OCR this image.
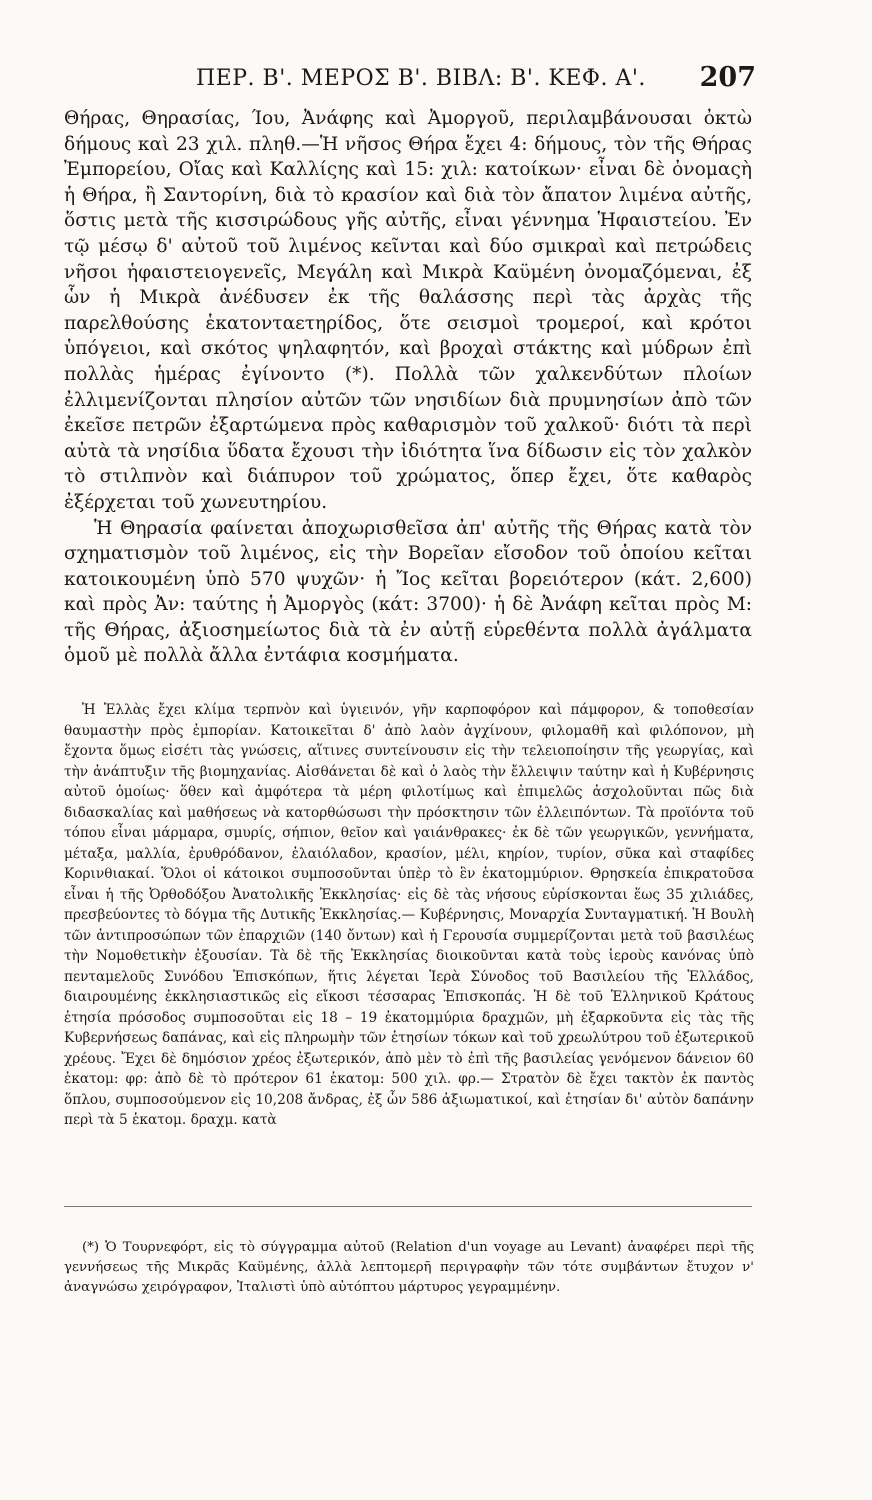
ΠΕΡ. Β'. ΜΕΡΟΣ Β'. ΒΙΒΛ: Β'. ΚΕΦ. Α'. 207

Θήρας, Θηρασίας, Ίου, Ἀνάφης καὶ Ἀμοργοῦ, περιλαμβάνουσαι ὀκτὼ δήμους καὶ 23 χιλ. πληθ.—Ἡ νῆσος Θήρα ἔχει 4: δήμους, τὸν τῆς Θήρας Ἐμπορείου, Οἴας καὶ Καλλίςης καὶ 15: χιλ: κατοίκων· εἶναι δὲ ὀνομαςὴ ἡ Θήρα, ἢ Σαντορίνη, διὰ τὸ κρασίον καὶ διὰ τὸν ἄπατον λιμένα αὐτῆς, ὅστις μετὰ τῆς κισσιρώδους γῆς αὐτῆς, εἶναι γέννημα Ἡφαιστείου. Ἐν τῷ μέσῳ δ' αὐτοῦ τοῦ λιμένος κεῖνται καὶ δύο σμικραὶ καὶ πετρώδεις νῆσοι ἡφαιστειογενεῖς, Μεγάλη καὶ Μικρὰ Καϋμένη ὀνομαζόμεναι, ἐξ ὧν ἡ Μικρὰ ἀνέδυσεν ἐκ τῆς θαλάσσης περὶ τὰς ἀρχὰς τῆς παρελθούσης ἑκατονταετηρίδος, ὅτε σεισμοὶ τρομεροί, καὶ κρότοι ὑπόγειοι, καὶ σκότος ψηλαφητόν, καὶ βροχαὶ στάκτης καὶ μύδρων ἐπὶ πολλὰς ἡμέρας ἐγίνοντο (*). Πολλὰ τῶν χαλκενδύτων πλοίων ἐλλιμενίζονται πλησίον αὐτῶν τῶν νησιδίων διὰ πρυμνησίων ἀπὸ τῶν ἐκεῖσε πετρῶν ἐξαρτώμενα πρὸς καθαρισμὸν τοῦ χαλκοῦ· διότι τὰ περὶ αὐτὰ τὰ νησίδια ὕδατα ἔχουσι τὴν ἰδιότητα ἵνα δίδωσιν εἰς τὸν χαλκὸν τὸ στιλπνὸν καὶ διάπυρον τοῦ χρώματος, ὅπερ ἔχει, ὅτε καθαρὸς ἐξέρχεται τοῦ χωνευτηρίου.

Ἡ Θηρασία φαίνεται ἀποχωρισθεῖσα ἀπ' αὐτῆς τῆς Θήρας κατὰ τὸν σχηματισμὸν τοῦ λιμένος, εἰς τὴν Βορεῖαν εἴσοδον τοῦ ὁποίου κεῖται κατοικουμένη ὑπὸ 570 ψυχῶν· ἡ Ἴος κεῖται βορειότερον (κάτ. 2,600) καὶ πρὸς Ἀν: ταύτης ἡ Ἀμοργὸς (κάτ: 3700)· ἡ δὲ Ἀνάφη κεῖται πρὸς Μ: τῆς Θήρας, ἀξιοσημείωτος διὰ τὰ ἐν αὐτῇ εὑρεθέντα πολλὰ ἀγάλματα ὁμοῦ μὲ πολλὰ ἄλλα ἐντάφια κοσμήματα.

Ἡ Ἑλλὰς ἔχει κλίμα τερπνὸν καὶ ὑγιεινόν, γῆν καρποφόρον καὶ πάμφορον, & τοποθεσίαν θαυμαστὴν πρὸς ἐμπορίαν. Κατοικεῖται δ' ἀπὸ λαὸν ἀγχίνουν, φιλομαθῆ καὶ φιλόπονον, μὴ ἔχοντα ὅμως εἰσέτι τὰς γνώσεις, αἵτινες συντείνουσιν εἰς τὴν τελειοποίησιν τῆς γεωργίας, καὶ τὴν ἀνάπτυξιν τῆς βιομηχανίας. Αἰσθάνεται δὲ καὶ ὁ λαὸς τὴν ἔλλειψιν ταύτην καὶ ἡ Κυβέρνησις αὐτοῦ ὁμοίως· ὅθεν καὶ ἀμφότερα τὰ μέρη φιλοτίμως καὶ ἐπιμελῶς ἀσχολοῦνται πῶς διὰ διδασκαλίας καὶ μαθήσεως νὰ κατορθώσωσι τὴν πρόσκτησιν τῶν ἐλλειπόντων. Τὰ προϊόντα τοῦ τόπου εἶναι μάρμαρα, σμυρίς, σήπιον, θεῖον καὶ γαιάνθρακες· ἐκ δὲ τῶν γεωργικῶν, γεννήματα, μέταξα, μαλλία, ἐρυθρόδανον, ἐλαιόλαδον, κρασίον, μέλι, κηρίον, τυρίον, σῦκα καὶ σταφίδες Κορινθιακαί. Ὅλοι οἱ κάτοικοι συμποσοῦνται ὑπὲρ τὸ ἓν ἑκατομμύριον. Θρησκεία ἐπικρατοῦσα εἶναι ἡ τῆς Ὀρθοδόξου Ἀνατολικῆς Ἐκκλησίας· εἰς δὲ τὰς νήσους εὑρίσκονται ἕως 35 χιλιάδες, πρεσβεύοντες τὸ δόγμα τῆς Δυτικῆς Ἐκκλησίας.— Κυβέρνησις, Μοναρχία Συνταγματική. Ἡ Βουλὴ τῶν ἀντιπροσώπων τῶν ἐπαρχιῶν (140 ὄντων) καὶ ἡ Γερουσία συμμερίζονται μετὰ τοῦ βασιλέως τὴν Νομοθετικὴν ἐξουσίαν. Τὰ δὲ τῆς Ἐκκλησίας διοικοῦνται κατὰ τοὺς ἱεροὺς κανόνας ὑπὸ πενταμελοῦς Συνόδου Ἐπισκόπων, ἥτις λέγεται Ἱερὰ Σύνοδος τοῦ Βασιλείου τῆς Ἑλλάδος, διαιρουμένης ἐκκλησιαστικῶς εἰς εἴκοσι τέσσαρας Ἐπισκοπάς. Ἡ δὲ τοῦ Ἑλληνικοῦ Κράτους ἐτησία πρόσοδος συμποσοῦται εἰς 18 – 19 ἑκατομμύρια δραχμῶν, μὴ ἐξαρκοῦντα εἰς τὰς τῆς Κυβερνήσεως δαπάνας, καὶ εἰς πληρωμὴν τῶν ἐτησίων τόκων καὶ τοῦ χρεωλύτρου τοῦ ἐξωτερικοῦ χρέους. Ἔχει δὲ δημόσιον χρέος ἐξωτερικόν, ἀπὸ μὲν τὸ ἐπὶ τῆς βασιλείας γενόμενον δάνειον 60 ἑκατομ: φρ: ἀπὸ δὲ τὸ πρότερον 61 ἑκατομ: 500 χιλ. φρ.— Στρατὸν δὲ ἔχει τακτὸν ἐκ παντὸς ὅπλου, συμποσούμενον εἰς 10,208 ἄνδρας, ἐξ ὧν 586 ἀξιωματικοί, καὶ ἐτησίαν δι' αὐτὸν δαπάνην περὶ τὰ 5 ἑκατομ. δραχμ. κατὰ

(*) Ὁ Τουρνεφόρτ, εἰς τὸ σύγγραμμα αὐτοῦ (Relation d'un voyage au Levant) ἀναφέρει περὶ τῆς γεννήσεως τῆς Μικρᾶς Καϋμένης, ἀλλὰ λεπτομερῆ περιγραφὴν τῶν τότε συμβάντων ἔτυχον ν' ἀναγνώσω χειρόγραφον, Ἰταλιστὶ ὑπὸ αὐτόπτου μάρτυρος γεγραμμένην.
